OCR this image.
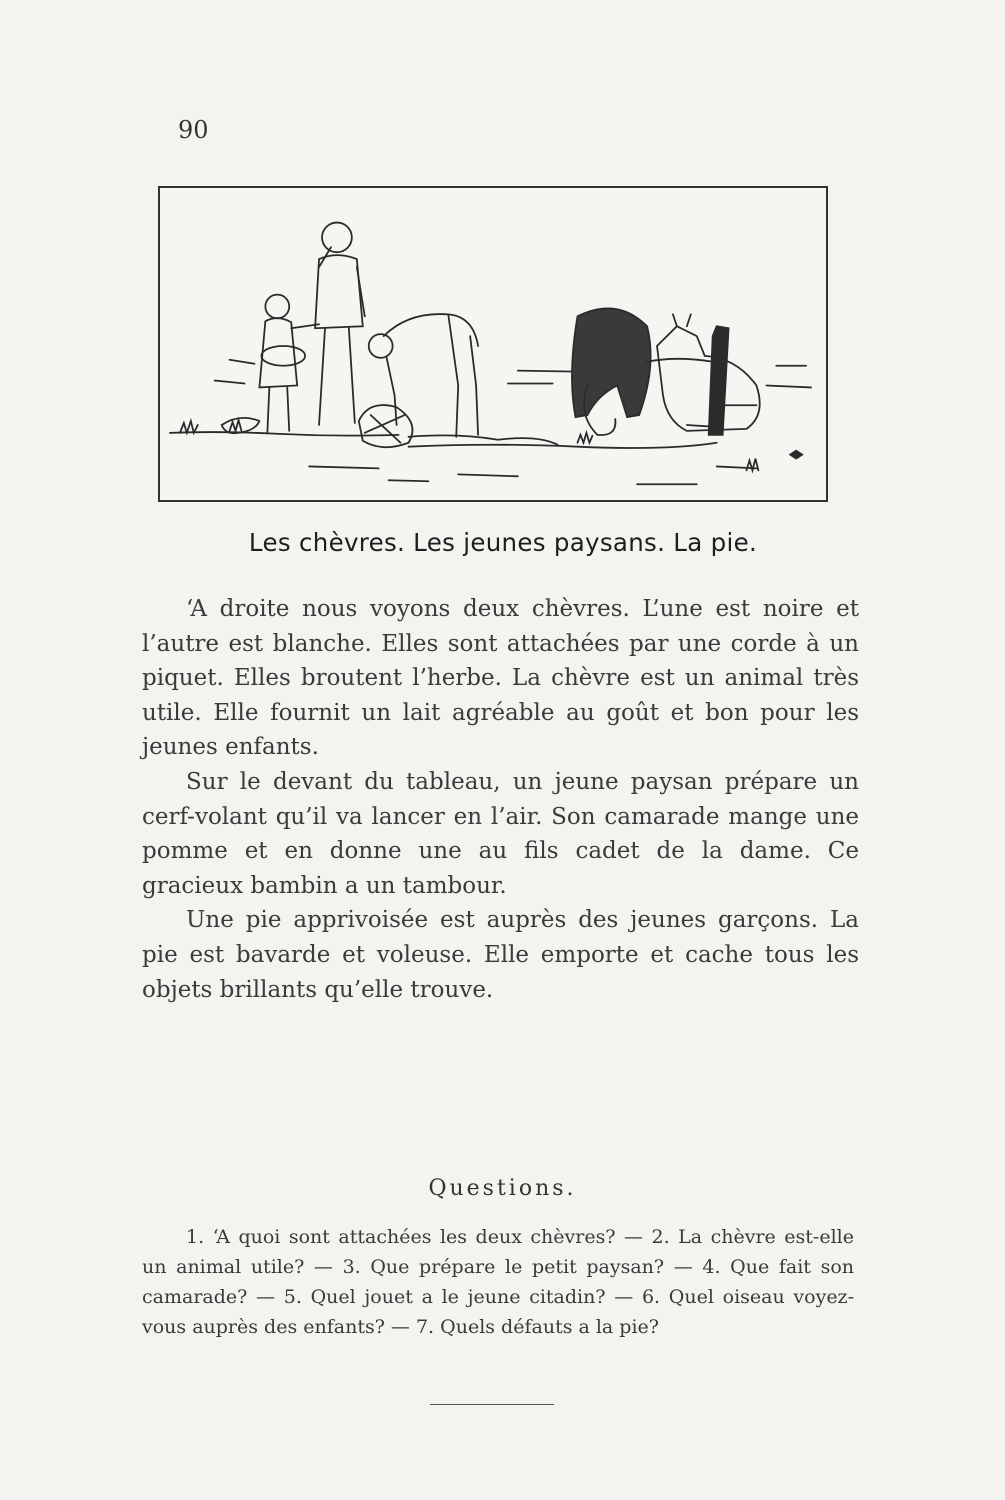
90
Les chèvres. Les jeunes paysans. La pie.

‘A droite nous voyons deux chèvres. L’une est noire et l’autre est blanche. Elles sont attachées par une corde à un piquet. Elles broutent l’herbe. La chèvre est un animal très utile. Elle fournit un lait agréable au goût et bon pour les jeunes enfants.

Sur le devant du tableau, un jeune paysan prépare un cerf-volant qu’il va lancer en l’air. Son camarade mange une pomme et en donne une au fils cadet de la dame. Ce gracieux bambin a un tambour.

Une pie apprivoisée est auprès des jeunes garçons. La pie est bavarde et voleuse. Elle emporte et cache tous les objets brillants qu’elle trouve.

Questions.

1. ‘A quoi sont attachées les deux chèvres? — 2. La chèvre est-elle un animal utile? — 3. Que prépare le petit paysan? — 4. Que fait son camarade? — 5. Quel jouet a le jeune citadin? — 6. Quel oiseau voyez-vous auprès des enfants? — 7. Quels défauts a la pie?
